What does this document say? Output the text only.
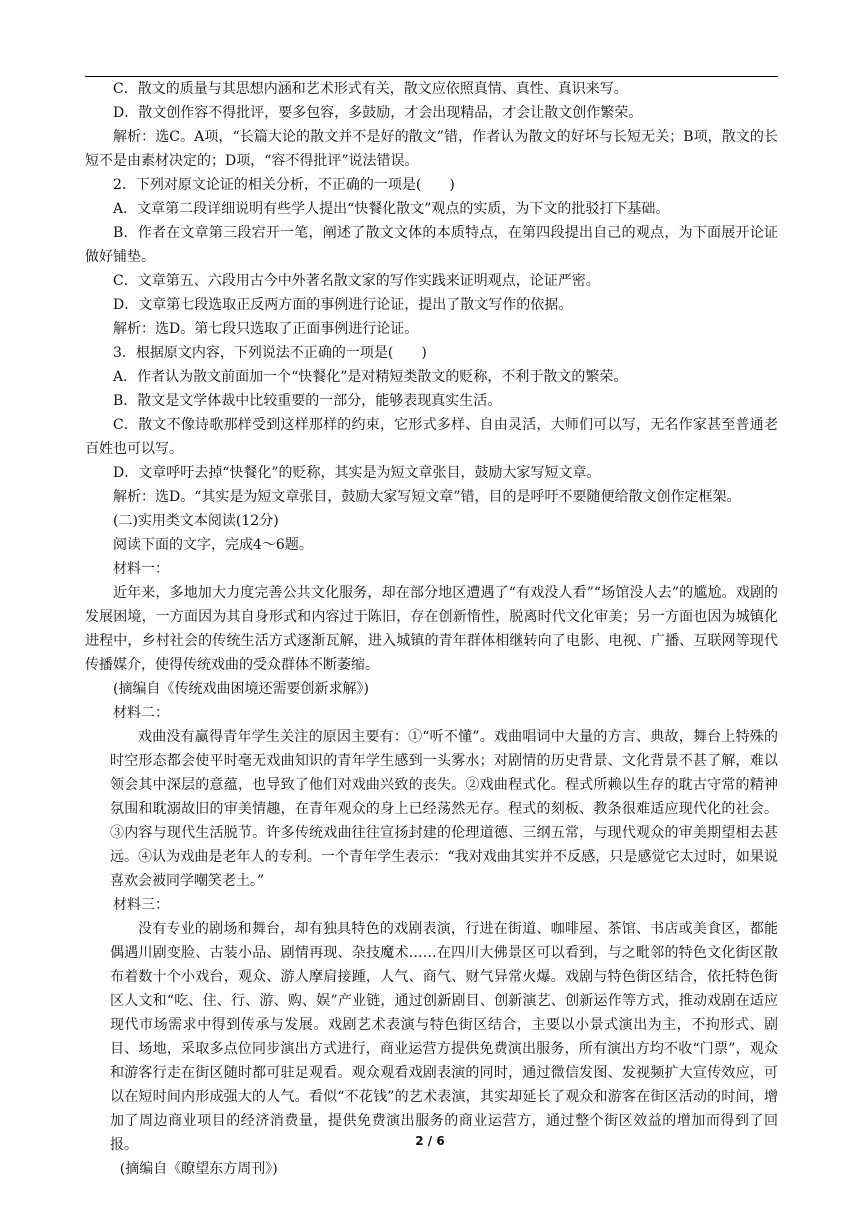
C．散文的质量与其思想内涵和艺术形式有关，散文应依照真情、真性、真识来写。

D．散文创作容不得批评，要多包容，多鼓励，才会出现精品，才会让散文创作繁荣。

解析：选C。A项，“长篇大论的散文并不是好的散文”错，作者认为散文的好坏与长短无关；B项，散文的长短不是由素材决定的；D项，“容不得批评”说法错误。

2．下列对原文论证的相关分析，不正确的一项是(　　)

A．文章第二段详细说明有些学人提出“快餐化散文”观点的实质，为下文的批驳打下基础。

B．作者在文章第三段宕开一笔，阐述了散文文体的本质特点，在第四段提出自己的观点，为下面展开论证做好铺垫。

C．文章第五、六段用古今中外著名散文家的写作实践来证明观点，论证严密。

D．文章第七段选取正反两方面的事例进行论证，提出了散文写作的依据。

解析：选D。第七段只选取了正面事例进行论证。

3．根据原文内容，下列说法不正确的一项是(　　)

A．作者认为散文前面加一个“快餐化”是对精短类散文的贬称，不利于散文的繁荣。

B．散文是文学体裁中比较重要的一部分，能够表现真实生活。

C．散文不像诗歌那样受到这样那样的约束，它形式多样、自由灵活，大师们可以写，无名作家甚至普通老百姓也可以写。

D．文章呼吁去掉“快餐化”的贬称，其实是为短文章张目，鼓励大家写短文章。

解析：选D。“其实是为短文章张目，鼓励大家写短文章”错，目的是呼吁不要随便给散文创作定框架。

(二)实用类文本阅读(12分)

阅读下面的文字，完成4～6题。

材料一：

近年来，多地加大力度完善公共文化服务，却在部分地区遭遇了“有戏没人看”“场馆没人去”的尴尬。戏剧的发展困境，一方面因为其自身形式和内容过于陈旧，存在创新惰性，脱离时代文化审美；另一方面也因为城镇化进程中，乡村社会的传统生活方式逐渐瓦解，进入城镇的青年群体相继转向了电影、电视、广播、互联网等现代传播媒介，使得传统戏曲的受众群体不断萎缩。

(摘编自《传统戏曲困境还需要创新求解》)

材料二：

戏曲没有赢得青年学生关注的原因主要有：①“听不懂”。戏曲唱词中大量的方言、典故，舞台上特殊的时空形态都会使平时毫无戏曲知识的青年学生感到一头雾水；对剧情的历史背景、文化背景不甚了解，难以领会其中深层的意蕴，也导致了他们对戏曲兴致的丧失。②戏曲程式化。程式所赖以生存的耽古守常的精神氛围和耽溺故旧的审美情趣，在青年观众的身上已经荡然无存。程式的刻板、教条很难适应现代化的社会。③内容与现代生活脱节。许多传统戏曲往往宣扬封建的伦理道德、三纲五常，与现代观众的审美期望相去甚远。④认为戏曲是老年人的专利。一个青年学生表示：“我对戏曲其实并不反感，只是感觉它太过时，如果说喜欢会被同学嘲笑老土。”

材料三：

没有专业的剧场和舞台，却有独具特色的戏剧表演，行进在街道、咖啡屋、茶馆、书店或美食区，都能偶遇川剧变脸、古装小品、剧情再现、杂技魔术……在四川大佛景区可以看到，与之毗邻的特色文化街区散布着数十个小戏台，观众、游人摩肩接踵，人气、商气、财气异常火爆。戏剧与特色街区结合，依托特色街区人文和“吃、住、行、游、购、娱”产业链，通过创新剧目、创新演艺、创新运作等方式，推动戏剧在适应现代市场需求中得到传承与发展。戏剧艺术表演与特色街区结合，主要以小景式演出为主，不拘形式、剧目、场地，采取多点位同步演出方式进行，商业运营方提供免费演出服务，所有演出方均不收“门票”，观众和游客行走在街区随时都可驻足观看。观众观看戏剧表演的同时，通过微信发图、发视频扩大宣传效应，可以在短时间内形成强大的人气。看似“不花钱”的艺术表演，其实却延长了观众和游客在街区活动的时间，增加了周边商业项目的经济消费量，提供免费演出服务的商业运营方，通过整个街区效益的增加而得到了回报。

(摘编自《瞭望东方周刊》)

2 / 6
